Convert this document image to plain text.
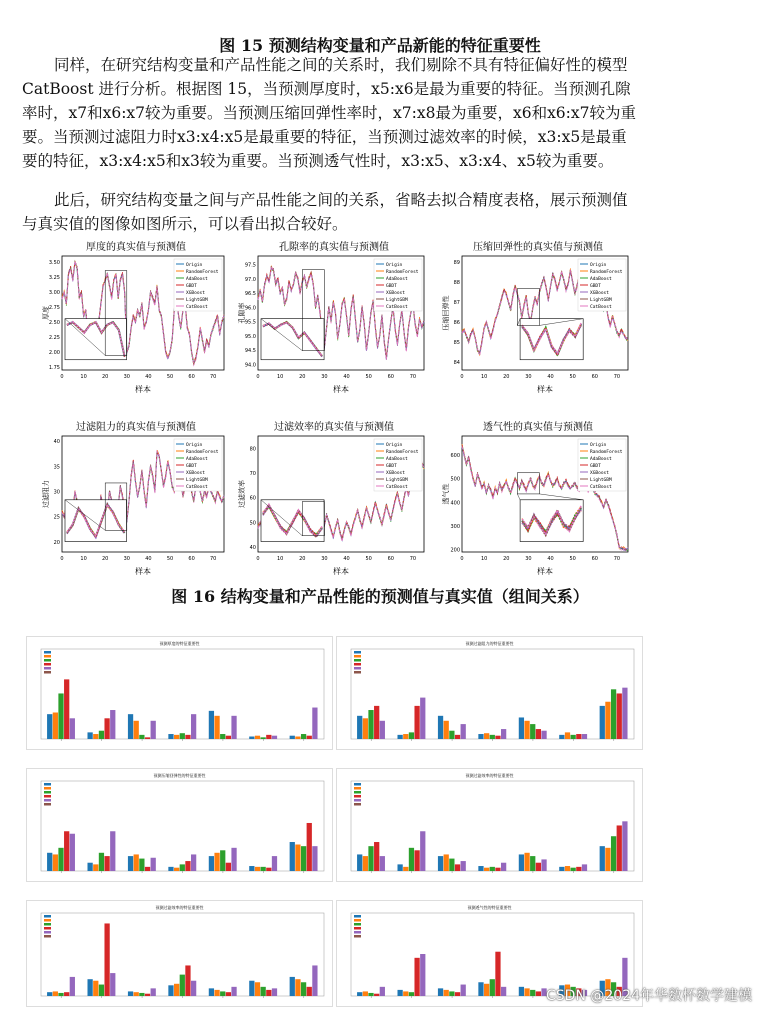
图 15 预测结构变量和产品新能的特征重要性
同样，在研究结构变量和产品性能之间的关系时，我们剔除不具有特征偏好性的模型 CatBoost 进行分析。根据图 15，当预测厚度时，x5:x6是最为重要的特征。当预测孔隙率时，x7和x6:x7较为重要。当预测压缩回弹性率时，x7:x8最为重要，x6和x6:x7较为重要。当预测过滤阻力时x3:x4:x5是最重要的特征，当预测过滤效率的时候，x3:x5是最重要的特征，x3:x4:x5和x3较为重要。当预测透气性时，x3:x5、x3:x4、x5较为重要。
此后，研究结构变量之间与产品性能之间的关系，省略去拟合精度表格，展示预测值与真实值的图像如图所示，可以看出拟合较好。
厚度的真实值与预测值
3.50
3.25
3.00
2.75
2.50
2.25
2.00
1.75
0	10	20	30	40	50	60	70
样本
厚度
Origin
RandomForest
AdaBoost
GBDT
XGBoost
LightGBM
CatBoost
孔隙率的真实值与预测值
97.5
97.0
96.5
96.0
95.5
95.0
94.5
94.0
0	10	20	30	40	50	60	70
样本
孔隙率
Origin
RandomForest
AdaBoost
GBDT
XGBoost
LightGBM
CatBoost
压缩回弹性的真实值与预测值
89
88
87
86
85
84
0	10	20	30	40	50	60	70
样本
压缩回弹性
Origin
RandomForest
AdaBoost
GBDT
XGBoost
LightGBM
CatBoost
过滤阻力的真实值与预测值
40
35
30
25
20
0	10	20	30	40	50	60	70
样本
过滤阻力
Origin
RandomForest
AdaBoost
GBDT
XGBoost
LightGBM
CatBoost
过滤效率的真实值与预测值
80
70
60
50
40
0	10	20	30	40	50	60	70
样本
过滤效率
Origin
RandomForest
AdaBoost
GBDT
XGBoost
LightGBM
CatBoost
透气性的真实值与预测值
600
500
400
300
200
0	10	20	30	40	50	60	70
样本
透气性
Origin
RandomForest
AdaBoost
GBDT
XGBoost
LightGBM
CatBoost
图 16 结构变量和产品性能的预测值与真实值（组间关系）
预测厚度的特征重要性	预测过滤阻力的特征重要性
预测压缩回弹性的特征重要性	预测过滤效率的特征重要性
预测过滤效率的特征重要性	预测透气性的特征重要性
CSDN @2024年华数杯数学建模
